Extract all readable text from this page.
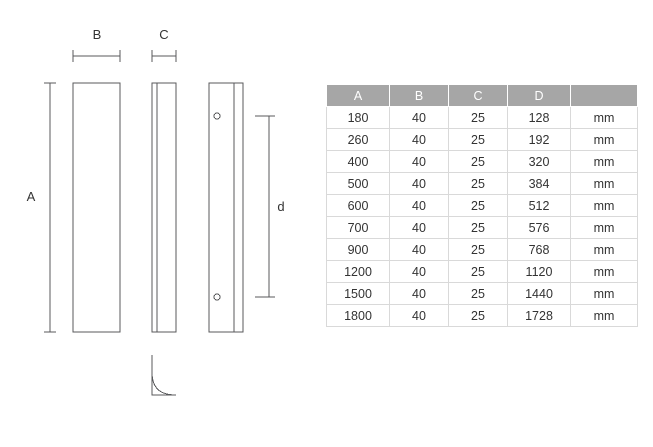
B	C
A
d
A	B	C	D	
180	40	25	128	mm
260	40	25	192	mm
400	40	25	320	mm
500	40	25	384	mm
600	40	25	512	mm
700	40	25	576	mm
900	40	25	768	mm
1200	40	25	1120	mm
1500	40	25	1440	mm
1800	40	25	1728	mm
